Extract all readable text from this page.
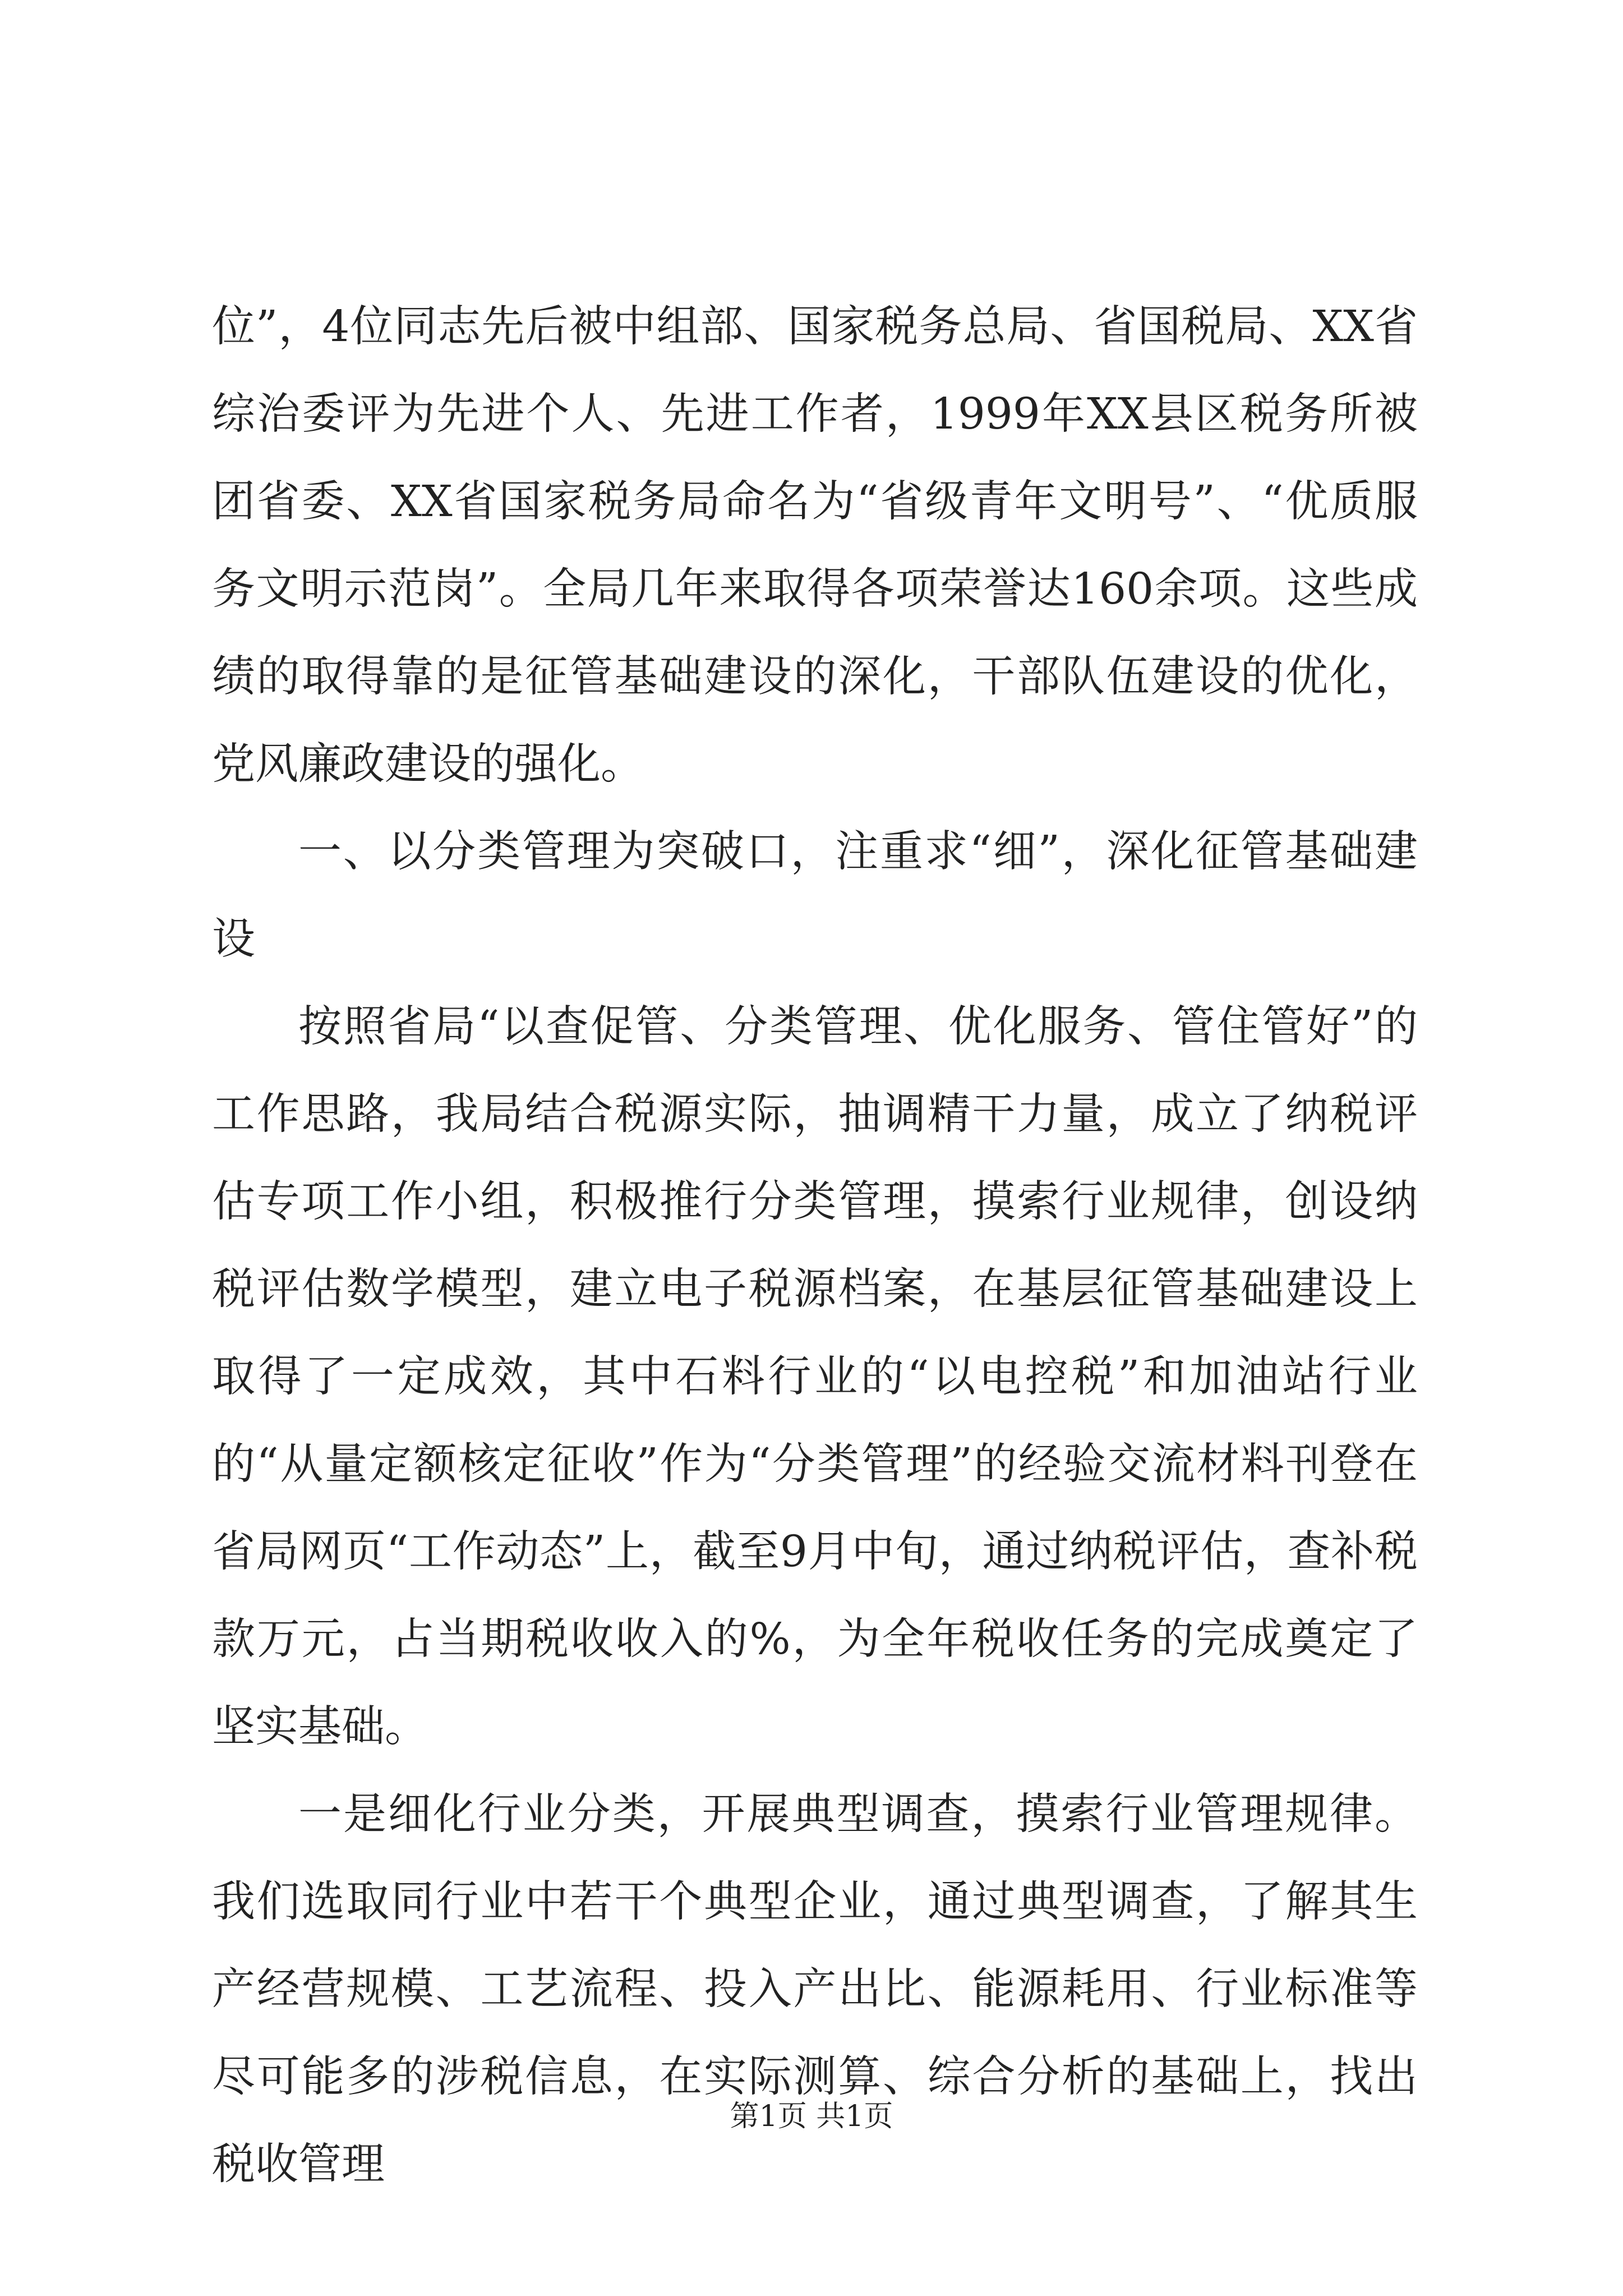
位”，4位同志先后被中组部、国家税务总局、省国税局、XX省综治委评为先进个人、先进工作者，1999年XX县区税务所被团省委、XX省国家税务局命名为“省级青年文明号”、“优质服务文明示范岗”。全局几年来取得各项荣誉达160余项。这些成绩的取得靠的是征管基础建设的深化，干部队伍建设的优化，党风廉政建设的强化。

一、以分类管理为突破口，注重求“细”，深化征管基础建设

按照省局“以查促管、分类管理、优化服务、管住管好”的工作思路，我局结合税源实际，抽调精干力量，成立了纳税评估专项工作小组，积极推行分类管理，摸索行业规律，创设纳税评估数学模型，建立电子税源档案，在基层征管基础建设上取得了一定成效，其中石料行业的“以电控税”和加油站行业的“从量定额核定征收”作为“分类管理”的经验交流材料刊登在省局网页“工作动态”上，截至9月中旬，通过纳税评估，查补税款万元，占当期税收收入的%，为全年税收任务的完成奠定了坚实基础。

一是细化行业分类，开展典型调查，摸索行业管理规律。我们选取同行业中若干个典型企业，通过典型调查，了解其生产经营规模、工艺流程、投入产出比、能源耗用、行业标准等尽可能多的涉税信息，在实际测算、综合分析的基础上，找出税收管理

第1页 共1页
